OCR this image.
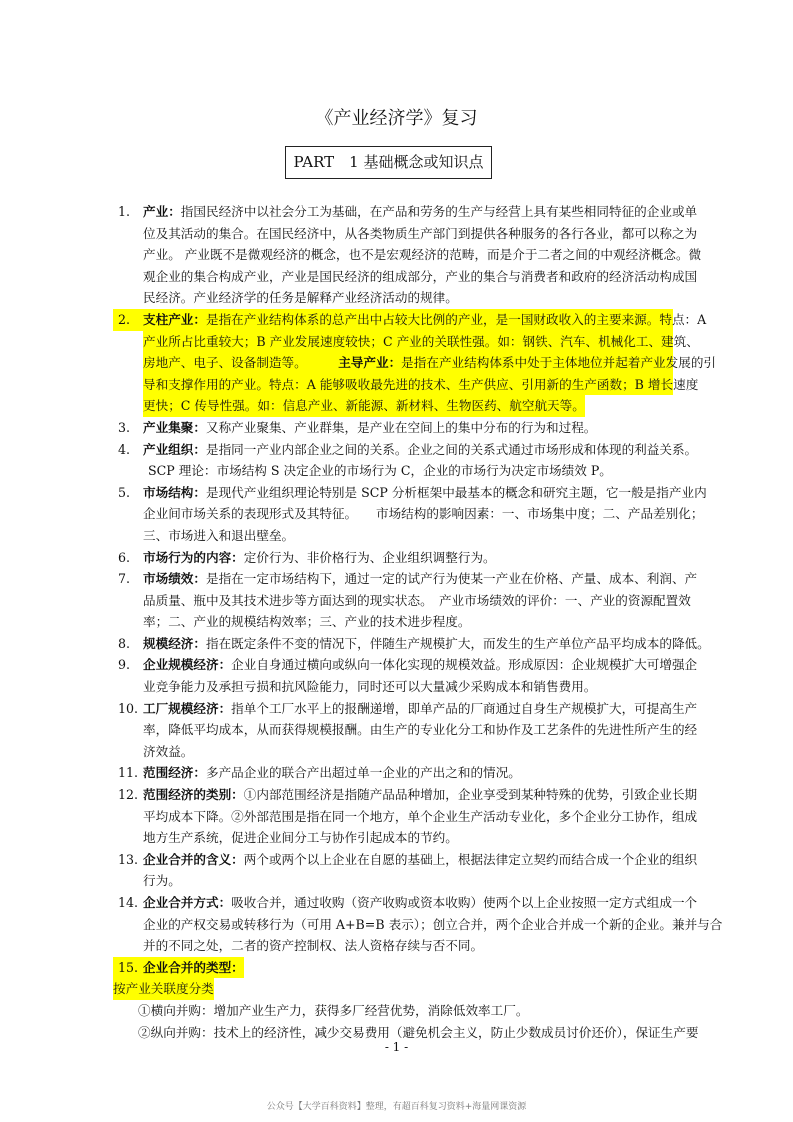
《产业经济学》复习
PART　1 基础概念或知识点
1. 产业：指国民经济中以社会分工为基础，在产品和劳务的生产与经营上具有某些相同特征的企业或单
位及其活动的集合。在国民经济中，从各类物质生产部门到提供各种服务的各行各业，都可以称之为
产业。 产业既不是微观经济的概念，也不是宏观经济的范畴，而是介于二者之间的中观经济概念。微
观企业的集合构成产业，产业是国民经济的组成部分，产业的集合与消费者和政府的经济活动构成国
民经济。产业经济学的任务是解释产业经济活动的规律。
2. 支柱产业：是指在产业结构体系的总产出中占较大比例的产业，是一国财政收入的主要来源。特点：A
产业所占比重较大；B 产业发展速度较快；C 产业的关联性强。如：钢铁、汽车、机械化工、建筑、
房地产、电子、设备制造等。　　　	主导产业：是指在产业结构体系中处于主体地位并起着产业发展的引
导和支撑作用的产业。特点：A 能够吸收最先进的技术、生产供应、引用新的生产函数；B 增长速度
更快；C 传导性强。如：信息产业、新能源、新材料、生物医药、航空航天等。
3. 产业集聚：又称产业聚集、产业群集，是产业在空间上的集中分布的行为和过程。
4. 产业组织：是指同一产业内部企业之间的关系。企业之间的关系式通过市场形成和体现的利益关系。
SCP 理论：市场结构 S 决定企业的市场行为 C，企业的市场行为决定市场绩效 P。
5. 市场结构：是现代产业组织理论特别是 SCP 分析框架中最基本的概念和研究主题，它一般是指产业内
企业间市场关系的表现形式及其特征。　　市场结构的影响因素：一、市场集中度；二、产品差别化；
三、市场进入和退出壁垒。
6. 市场行为的内容：定价行为、非价格行为、企业组织调整行为。
7. 市场绩效：是指在一定市场结构下，通过一定的试产行为使某一产业在价格、产量、成本、利润、产
品质量、瓶中及其技术进步等方面达到的现实状态。　产业市场绩效的评价：一、产业的资源配置效
率；二、产业的规模结构效率；三、产业的技术进步程度。
8. 规模经济：指在既定条件不变的情况下，伴随生产规模扩大，而发生的生产单位产品平均成本的降低。
9. 企业规模经济：企业自身通过横向或纵向一体化实现的规模效益。形成原因：企业规模扩大可增强企
业竞争能力及承担亏损和抗风险能力，同时还可以大量减少采购成本和销售费用。
10. 工厂规模经济：指单个工厂水平上的报酬递增，即单产品的厂商通过自身生产规模扩大，可提高生产
率，降低平均成本，从而获得规模报酬。由生产的专业化分工和协作及工艺条件的先进性所产生的经
济效益。
11. 范围经济：多产品企业的联合产出超过单一企业的产出之和的情况。
12. 范围经济的类别：①内部范围经济是指随产品品种增加，企业享受到某种特殊的优势，引致企业长期
平均成本下降。②外部范围是指在同一个地方，单个企业生产活动专业化，多个企业分工协作，组成
地方生产系统，促进企业间分工与协作引起成本的节约。
13. 企业合并的含义：两个或两个以上企业在自愿的基础上，根据法律定立契约而结合成一个企业的组织
行为。
14. 企业合并方式：吸收合并，通过收购（资产收购或资本收购）使两个以上企业按照一定方式组成一个
企业的产权交易或转移行为（可用 A+B=B 表示）；创立合并，两个企业合并成一个新的企业。兼并与合
并的不同之处，二者的资产控制权、法人资格存续与否不同。
15. 企业合并的类型：
按产业关联度分类
①横向并购：增加产业生产力，获得多厂经营优势，消除低效率工厂。
②纵向并购：技术上的经济性，减少交易费用（避免机会主义，防止少数成员讨价还价），保证生产要
- 1 -
公众号【大学百科资料】整理，有超百科复习资料+海量网课资源
